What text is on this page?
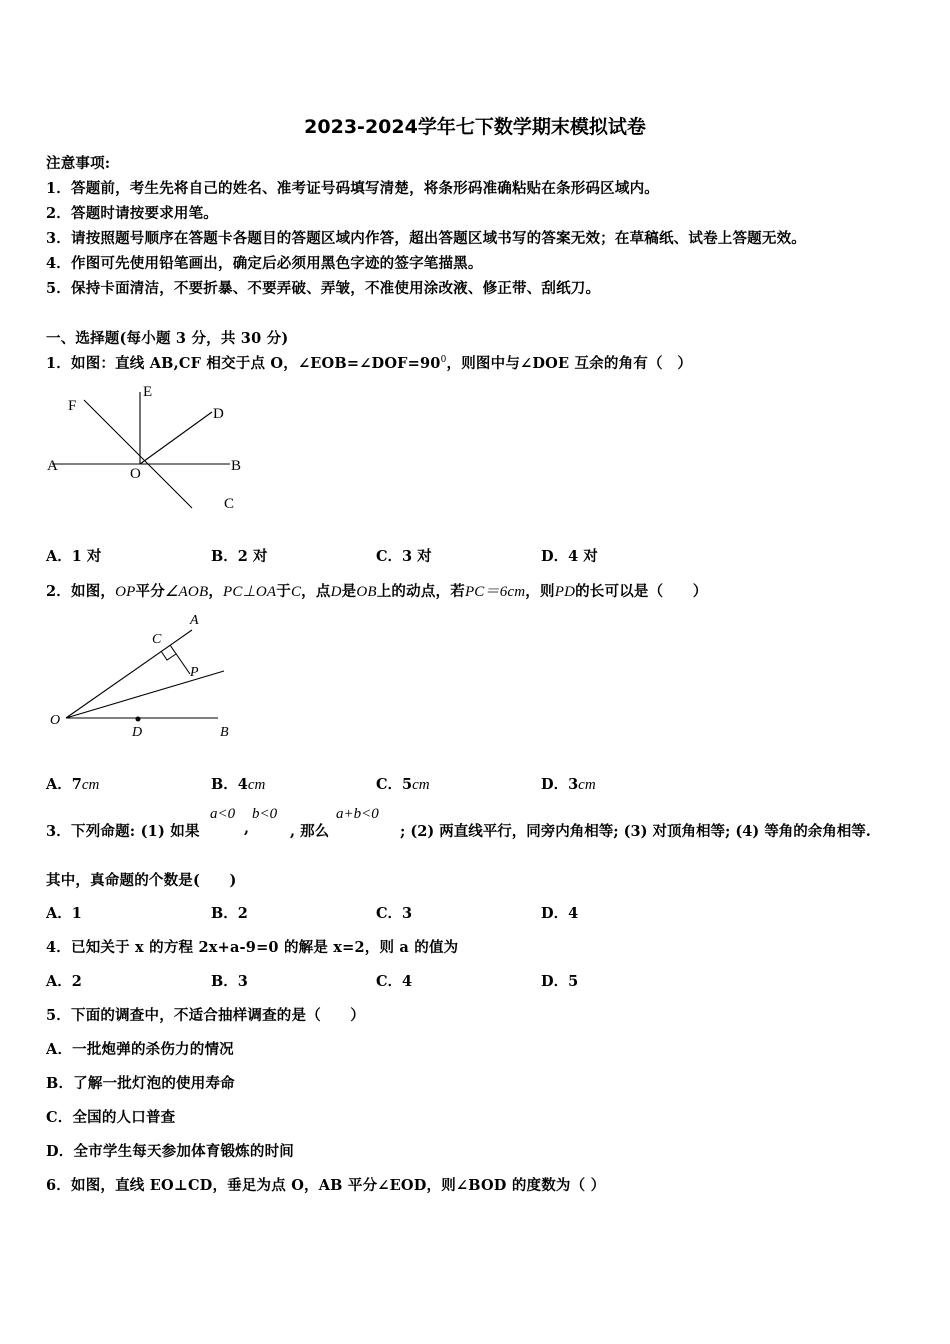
2023-2024学年七下数学期末模拟试卷
注意事项:
1．答题前，考生先将自己的姓名、准考证号码填写清楚，将条形码准确粘贴在条形码区域内。
2．答题时请按要求用笔。
3．请按照题号顺序在答题卡各题目的答题区域内作答，超出答题区域书写的答案无效；在草稿纸、试卷上答题无效。
4．作图可先使用铅笔画出，确定后必须用黑色字迹的签字笔描黑。
5．保持卡面清洁，不要折暴、不要弄破、弄皱，不准使用涂改液、修正带、刮纸刀。
一、选择题(每小题 3 分，共 30 分)
1．如图：直线 AB,CF 相交于点 O，$\angle EOB=\angle DOF=90^0$，则图中与∠DOE 互余的角有（　）
F
E
D
A	O	B
C
A．1 对	B．2 对	C．3 对	D．4 对
2．如图，OP平分∠AOB，PC⊥OA于C，点D是OB上的动点，若PC＝6cm，则PD的长可以是（　　）
A
C
P
O
D	B
A．7cm	B．4cm	C．5cm	D．3cm
3．下列命题: (1) 如果
a<0
,
b<0
, 那么
a+b<0
; (2) 两直线平行，同旁内角相等; (3) 对顶角相等; (4) 等角的余角相等.
其中，真命题的个数是(　　)
A．1	B．2	C．3	D．4
4．已知关于 x 的方程 2x+a-9=0 的解是 x=2，则 a 的值为
A．2	B．3	C．4	D．5
5．下面的调查中，不适合抽样调查的是（　　）
A．一批炮弹的杀伤力的情况
B．了解一批灯泡的使用寿命
C．全国的人口普查
D．全市学生每天参加体育锻炼的时间
6．如图，直线 EO⊥CD，垂足为点 O，AB 平分∠EOD，则∠BOD 的度数为（ ）
